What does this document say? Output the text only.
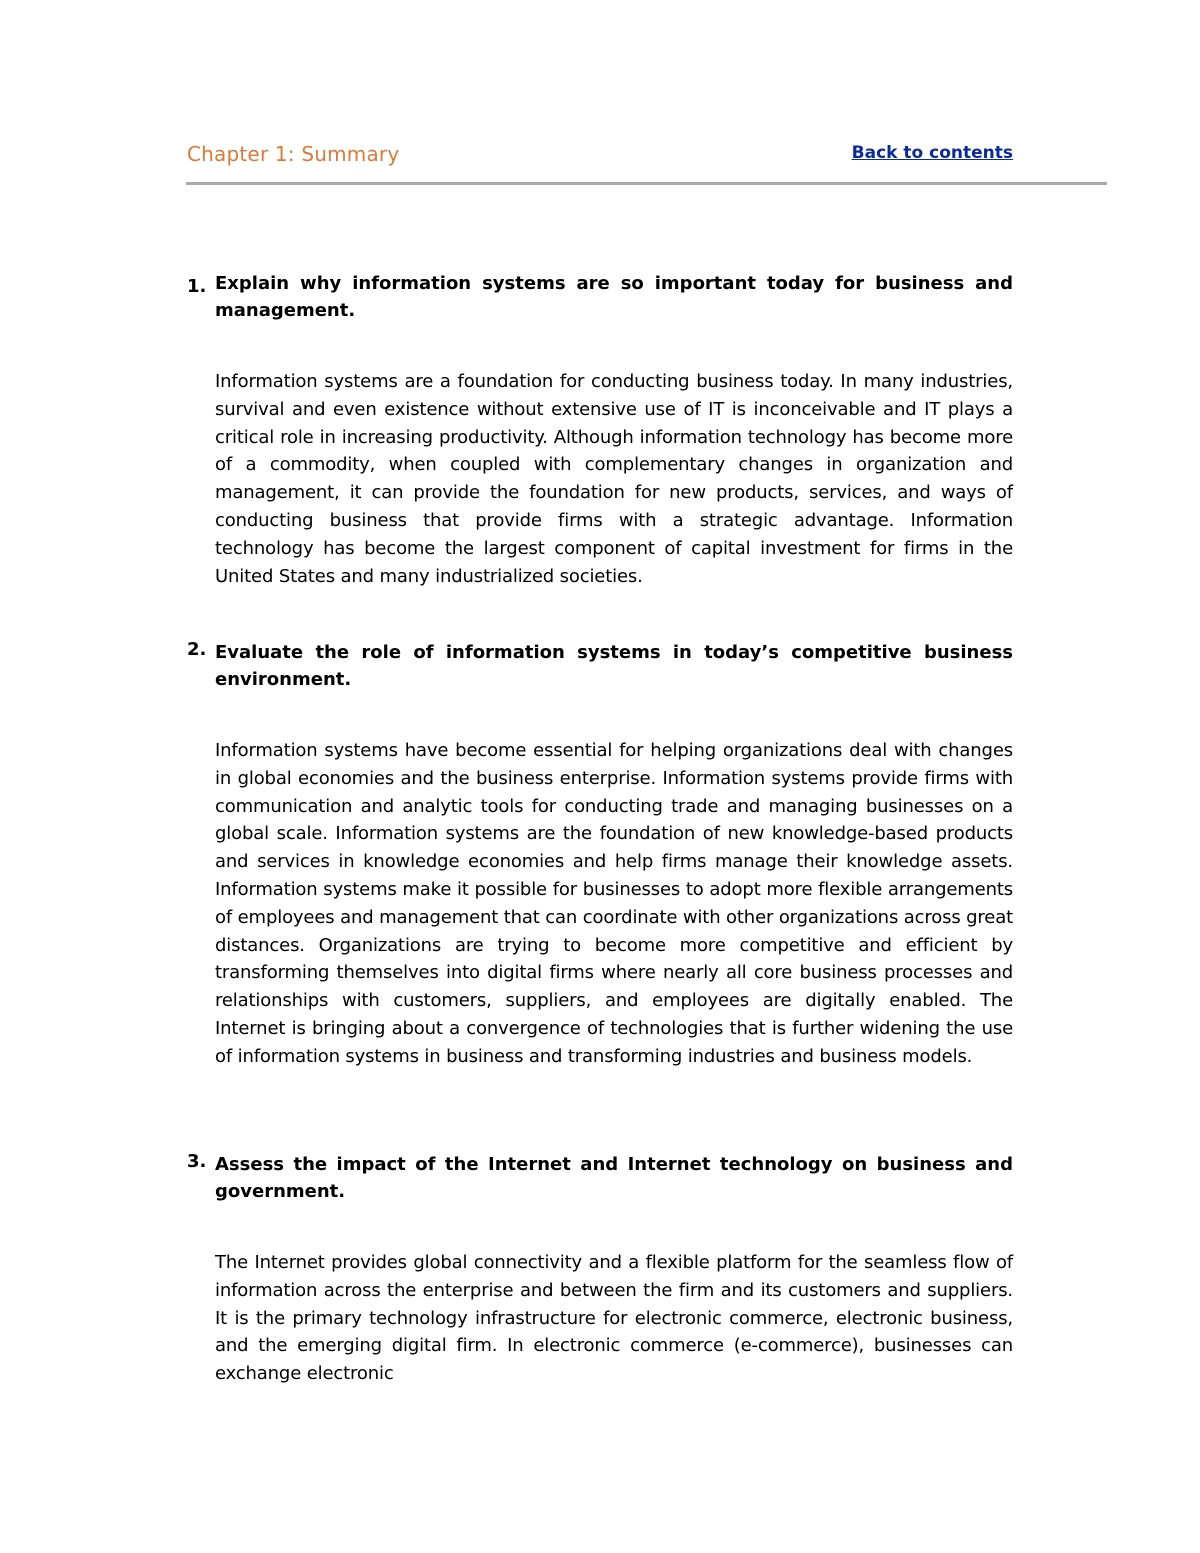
Chapter 1: Summary	Back to contents
1. Explain why information systems are so important today for business and management.

Information systems are a foundation for conducting business today. In many industries, survival and even existence without extensive use of IT is inconceivable and IT plays a critical role in increasing productivity. Although information technology has become more of a commodity, when coupled with complementary changes in organization and management, it can provide the foundation for new products, services, and ways of conducting business that provide firms with a strategic advantage. Information technology has become the largest component of capital investment for firms in the United States and many industrialized societies.

2. Evaluate the role of information systems in today’s competitive business environment.

Information systems have become essential for helping organizations deal with changes in global economies and the business enterprise. Information systems provide firms with communication and analytic tools for conducting trade and managing businesses on a global scale. Information systems are the foundation of new knowledge-based products and services in knowledge economies and help firms manage their knowledge assets. Information systems make it possible for businesses to adopt more flexible arrangements of employees and management that can coordinate with other organizations across great distances. Organizations are trying to become more competitive and efficient by transforming themselves into digital firms where nearly all core business processes and relationships with customers, suppliers, and employees are digitally enabled. The Internet is bringing about a convergence of technologies that is further widening the use of information systems in business and transforming industries and business models.

3. Assess the impact of the Internet and Internet technology on business and government.

The Internet provides global connectivity and a flexible platform for the seamless flow of information across the enterprise and between the firm and its customers and suppliers. It is the primary technology infrastructure for electronic commerce, electronic business, and the emerging digital firm. In electronic commerce (e-commerce), businesses can exchange electronic
